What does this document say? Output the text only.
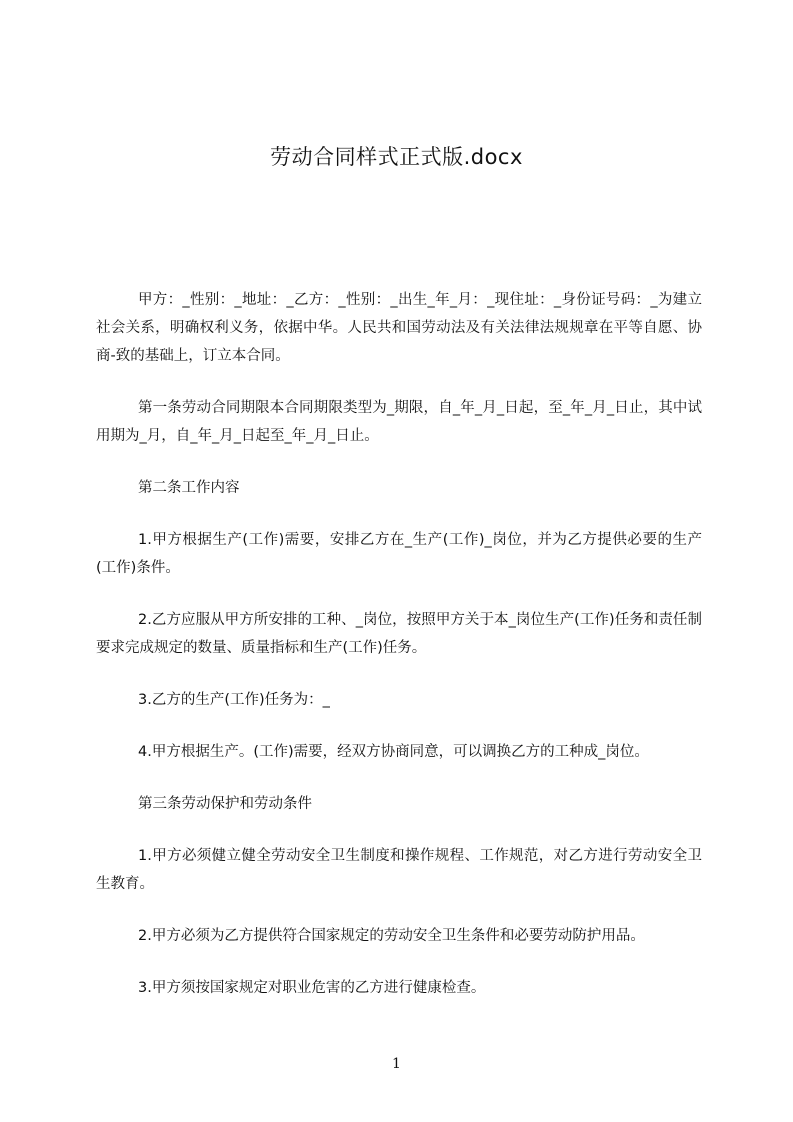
劳动合同样式正式版.docx

甲方：_性别：_地址：_乙方：_性别：_出生_年_月：_现住址：_身份证号码：_为建立社会关系，明确权利义务，依据中华。人民共和国劳动法及有关法律法规规章在平等自愿、协商-致的基础上，订立本合同。

第一条劳动合同期限本合同期限类型为_期限，自_年_月_日起，至_年_月_日止，其中试用期为_月，自_年_月_日起至_年_月_日止。

第二条工作内容

1.甲方根据生产(工作)需要，安排乙方在_生产(工作)_岗位，并为乙方提供必要的生产(工作)条件。

2.乙方应服从甲方所安排的工种、_岗位，按照甲方关于本_岗位生产(工作)任务和责任制要求完成规定的数量、质量指标和生产(工作)任务。

3.乙方的生产(工作)任务为：_

4.甲方根据生产。(工作)需要，经双方协商同意，可以调换乙方的工种成_岗位。

第三条劳动保护和劳动条件

1.甲方必须健立健全劳动安全卫生制度和操作规程、工作规范，对乙方进行劳动安全卫生教育。

2.甲方必须为乙方提供符合国家规定的劳动安全卫生条件和必要劳动防护用品。

3.甲方须按国家规定对职业危害的乙方进行健康检查。

1
